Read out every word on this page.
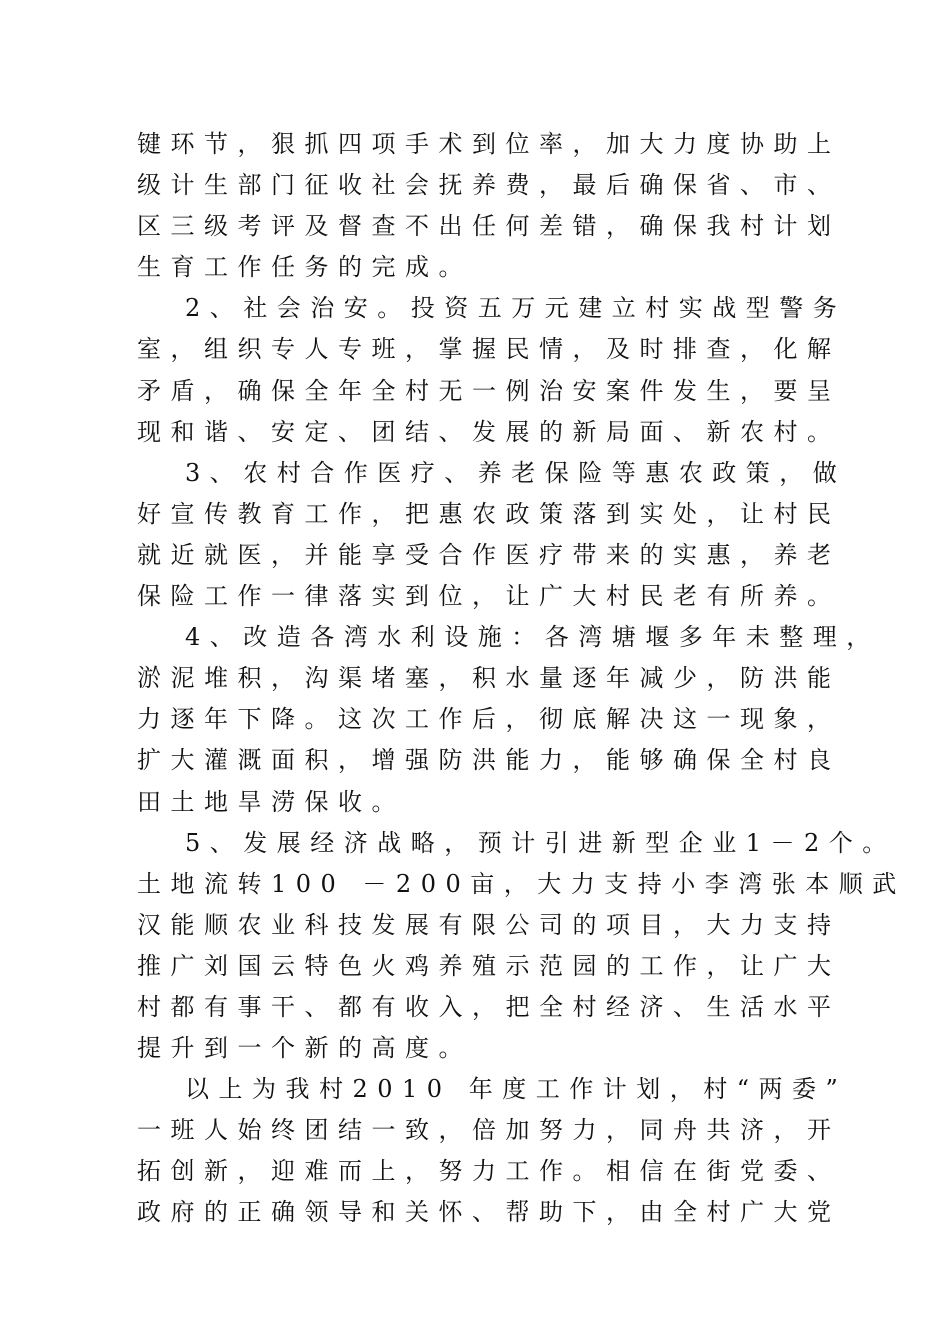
键环节，狠抓四项手术到位率，加大力度协助上
级计生部门征收社会抚养费，最后确保省、市、
区三级考评及督查不出任何差错，确保我村计划
生育工作任务的完成。
2、社会治安。投资五万元建立村实战型警务
室，组织专人专班，掌握民情，及时排查，化解
矛盾，确保全年全村无一例治安案件发生，要呈
现和谐、安定、团结、发展的新局面、新农村。
3、农村合作医疗、养老保险等惠农政策，做
好宣传教育工作，把惠农政策落到实处，让村民
就近就医，并能享受合作医疗带来的实惠，养老
保险工作一律落实到位，让广大村民老有所养。
4、改造各湾水利设施：各湾塘堰多年未整理，
淤泥堆积，沟渠堵塞，积水量逐年减少，防洪能
力逐年下降。这次工作后，彻底解决这一现象，
扩大灌溉面积，增强防洪能力，能够确保全村良
田土地旱涝保收。
5、发展经济战略，预计引进新型企业1－2个。
土地流转100 －200亩，大力支持小李湾张本顺武
汉能顺农业科技发展有限公司的项目，大力支持
推广刘国云特色火鸡养殖示范园的工作，让广大
村都有事干、都有收入，把全村经济、生活水平
提升到一个新的高度。
以上为我村2010 年度工作计划，村“两委”
一班人始终团结一致，倍加努力，同舟共济，开
拓创新，迎难而上，努力工作。相信在街党委、
政府的正确领导和关怀、帮助下，由全村广大党
